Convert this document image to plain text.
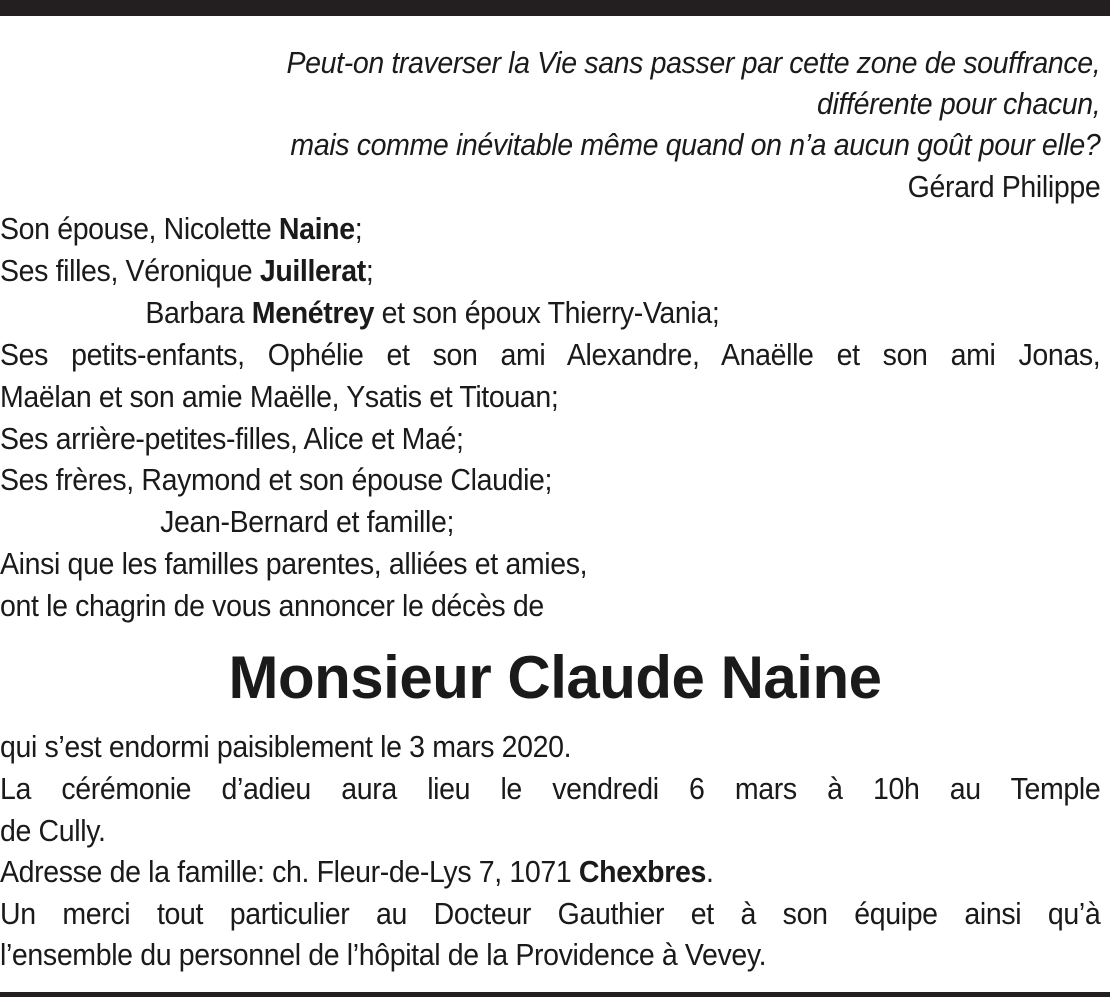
Peut-on traverser la Vie sans passer par cette zone de souffrance,
différente pour chacun,
mais comme inévitable même quand on n’a aucun goût pour elle?
Gérard Philippe
Son épouse, Nicolette Naine;
Ses filles, Véronique Juillerat;
Barbara Menétrey et son époux Thierry-Vania;
Ses petits-enfants, Ophélie et son ami Alexandre, Anaëlle et son ami Jonas,
Maëlan et son amie Maëlle, Ysatis et Titouan;
Ses arrière-petites-filles, Alice et Maé;
Ses frères, Raymond et son épouse Claudie;
Jean-Bernard et famille;
Ainsi que les familles parentes, alliées et amies,
ont le chagrin de vous annoncer le décès de
qui s’est endormi paisiblement le 3 mars 2020.
La cérémonie d’adieu aura lieu le vendredi 6 mars à 10h au Temple
de Cully.
Adresse de la famille: ch. Fleur-de-Lys 7, 1071 Chexbres.
Un merci tout particulier au Docteur Gauthier et à son équipe ainsi qu’à
l’ensemble du personnel de l’hôpital de la Providence à Vevey.
Monsieur Claude Naine
